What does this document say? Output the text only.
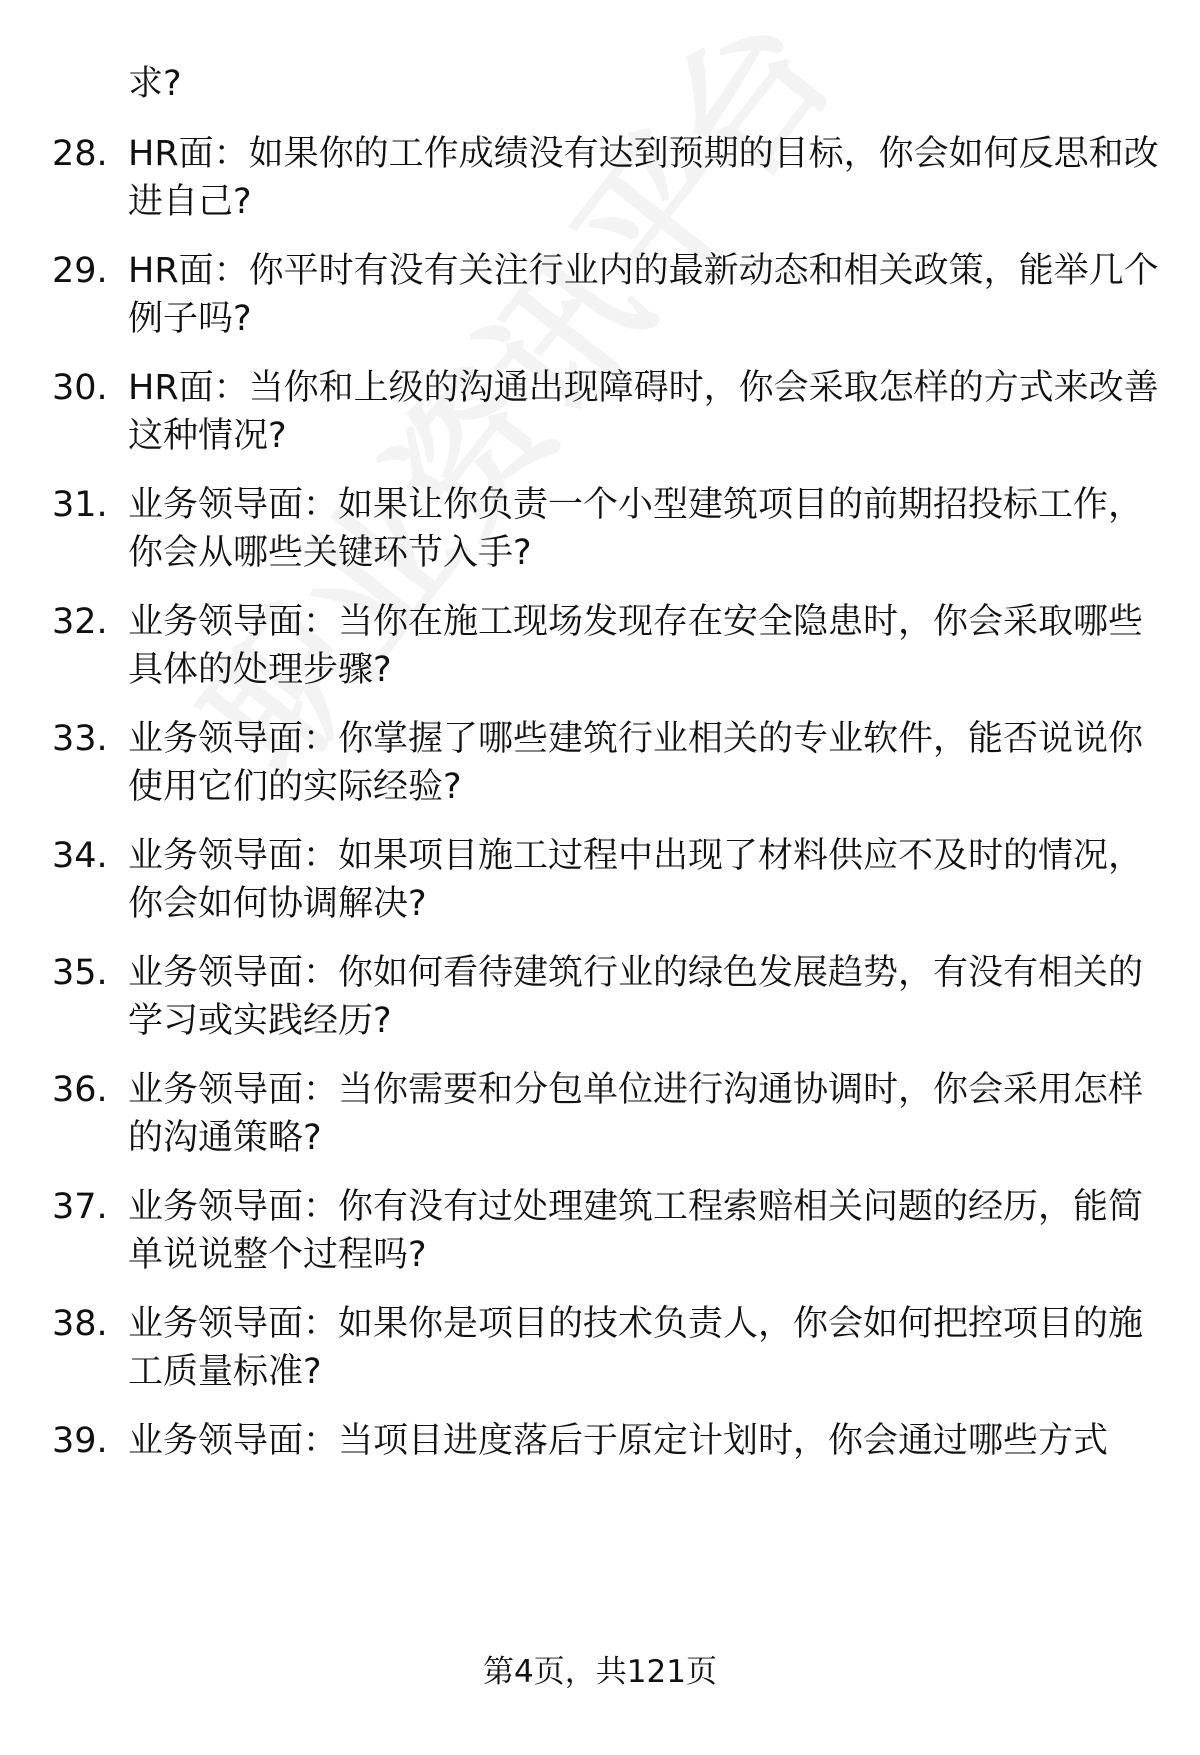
求?

28. HR面：如果你的工作成绩没有达到预期的目标，你会如何反思和改进自己?

29. HR面：你平时有没有关注行业内的最新动态和相关政策，能举几个例子吗?

30. HR面：当你和上级的沟通出现障碍时，你会采取怎样的方式来改善这种情况?

31. 业务领导面：如果让你负责一个小型建筑项目的前期招投标工作，你会从哪些关键环节入手?

32. 业务领导面：当你在施工现场发现存在安全隐患时，你会采取哪些具体的处理步骤?

33. 业务领导面：你掌握了哪些建筑行业相关的专业软件，能否说说你使用它们的实际经验?

34. 业务领导面：如果项目施工过程中出现了材料供应不及时的情况，你会如何协调解决?

35. 业务领导面：你如何看待建筑行业的绿色发展趋势，有没有相关的学习或实践经历?

36. 业务领导面：当你需要和分包单位进行沟通协调时，你会采用怎样的沟通策略?

37. 业务领导面：你有没有过处理建筑工程索赔相关问题的经历，能简单说说整个过程吗?

38. 业务领导面：如果你是项目的技术负责人，你会如何把控项目的施工质量标准?

39. 业务领导面：当项目进度落后于原定计划时，你会通过哪些方式

第4页，共121页
